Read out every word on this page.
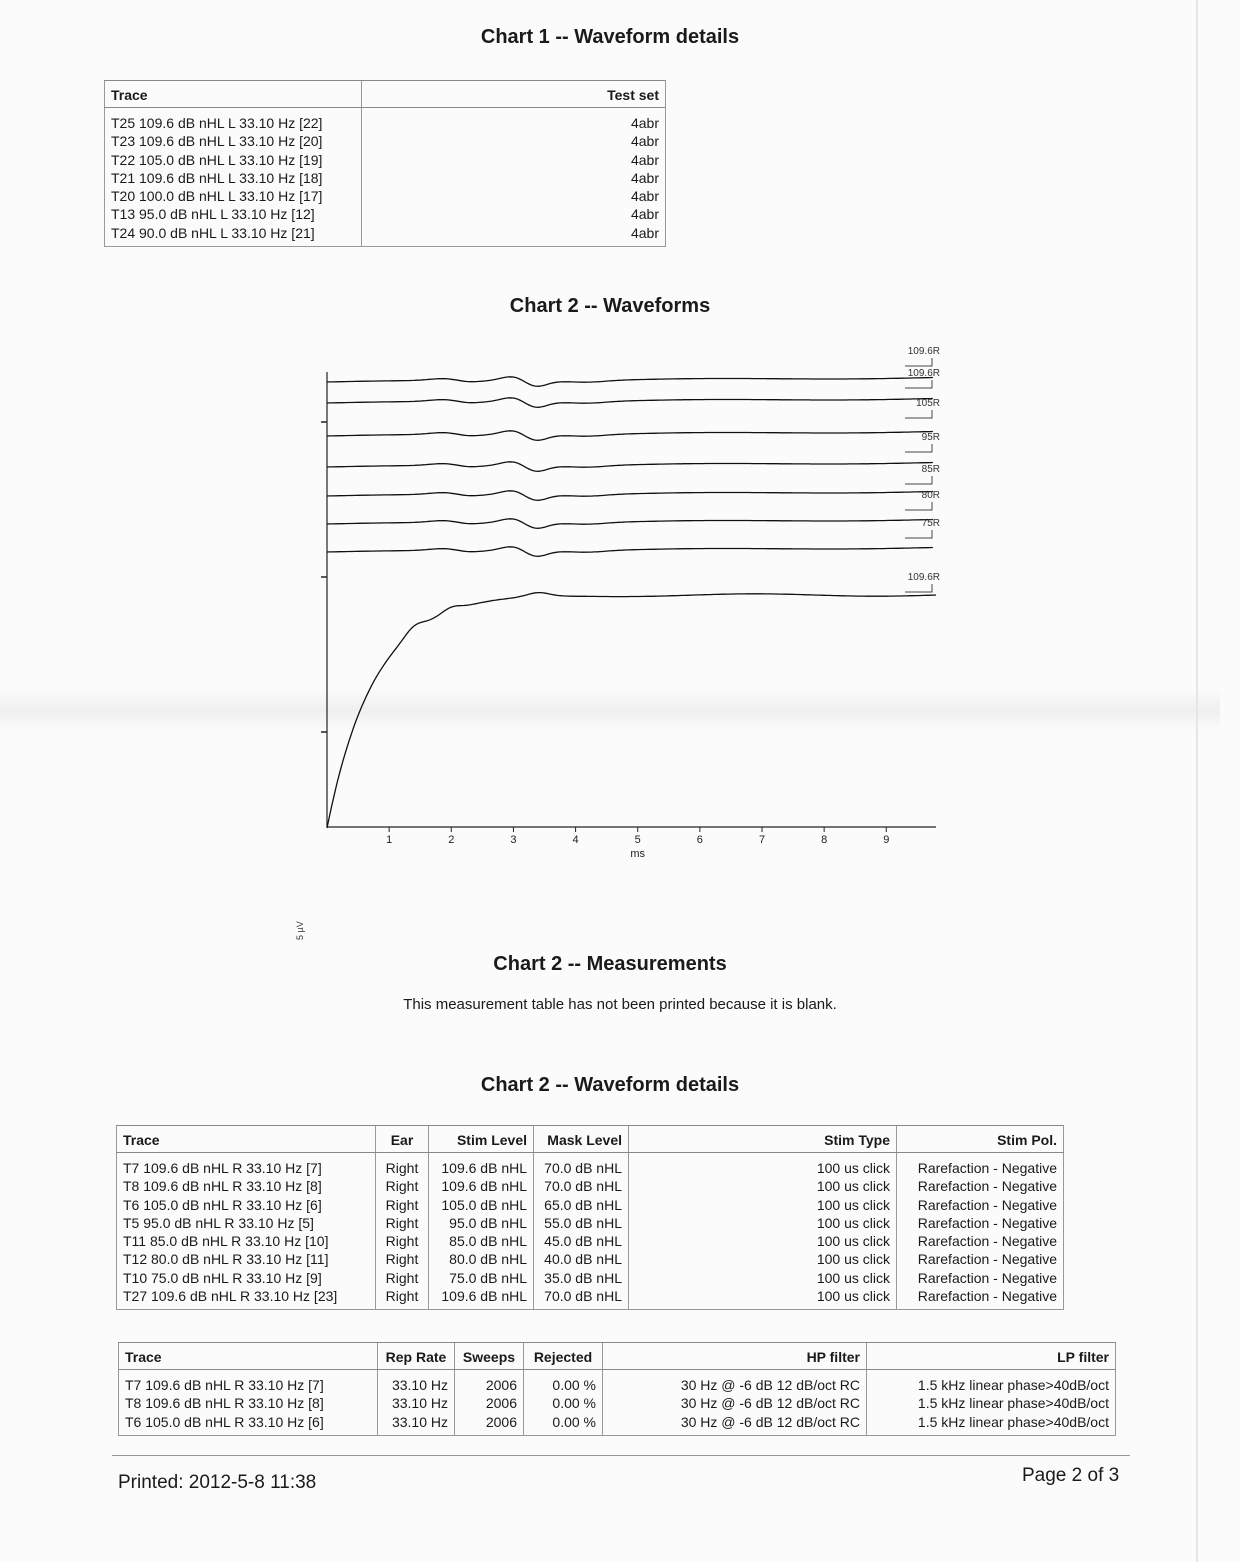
Chart 1 -- Waveform details
Trace	Test set
T25 109.6 dB nHL L 33.10 Hz [22]	4abr
T23 109.6 dB nHL L 33.10 Hz [20]	4abr
T22 105.0 dB nHL L 33.10 Hz [19]	4abr
T21 109.6 dB nHL L 33.10 Hz [18]	4abr
T20 100.0 dB nHL L 33.10 Hz [17]	4abr
T13 95.0 dB nHL L 33.10 Hz [12]	4abr
T24 90.0 dB nHL L 33.10 Hz [21]	4abr
Chart 2 -- Waveforms
1	2	3	4	5	6	7	8	9
ms
109.6R
109.6R
105R
95R
85R
80R
75R
109.6R
5 µV
Chart 2 -- Measurements
This measurement table has not been printed because it is blank.
Chart 2 -- Waveform details
Trace	Ear	Stim Level	Mask Level	Stim Type	Stim Pol.
T7 109.6 dB nHL R 33.10 Hz [7]	Right	109.6 dB nHL	70.0 dB nHL	100 us click	Rarefaction - Negative
T8 109.6 dB nHL R 33.10 Hz [8]	Right	109.6 dB nHL	70.0 dB nHL	100 us click	Rarefaction - Negative
T6 105.0 dB nHL R 33.10 Hz [6]	Right	105.0 dB nHL	65.0 dB nHL	100 us click	Rarefaction - Negative
T5 95.0 dB nHL R 33.10 Hz [5]	Right	95.0 dB nHL	55.0 dB nHL	100 us click	Rarefaction - Negative
T11 85.0 dB nHL R 33.10 Hz [10]	Right	85.0 dB nHL	45.0 dB nHL	100 us click	Rarefaction - Negative
T12 80.0 dB nHL R 33.10 Hz [11]	Right	80.0 dB nHL	40.0 dB nHL	100 us click	Rarefaction - Negative
T10 75.0 dB nHL R 33.10 Hz [9]	Right	75.0 dB nHL	35.0 dB nHL	100 us click	Rarefaction - Negative
T27 109.6 dB nHL R 33.10 Hz [23]	Right	109.6 dB nHL	70.0 dB nHL	100 us click	Rarefaction - Negative
Trace	Rep Rate	Sweeps	Rejected	HP filter	LP filter
T7 109.6 dB nHL R 33.10 Hz [7]	33.10 Hz	2006	0.00 %	30 Hz @ -6 dB 12 dB/oct RC	1.5 kHz linear phase>40dB/oct
T8 109.6 dB nHL R 33.10 Hz [8]	33.10 Hz	2006	0.00 %	30 Hz @ -6 dB 12 dB/oct RC	1.5 kHz linear phase>40dB/oct
T6 105.0 dB nHL R 33.10 Hz [6]	33.10 Hz	2006	0.00 %	30 Hz @ -6 dB 12 dB/oct RC	1.5 kHz linear phase>40dB/oct
Printed: 2012-5-8 11:38	Page 2 of 3
